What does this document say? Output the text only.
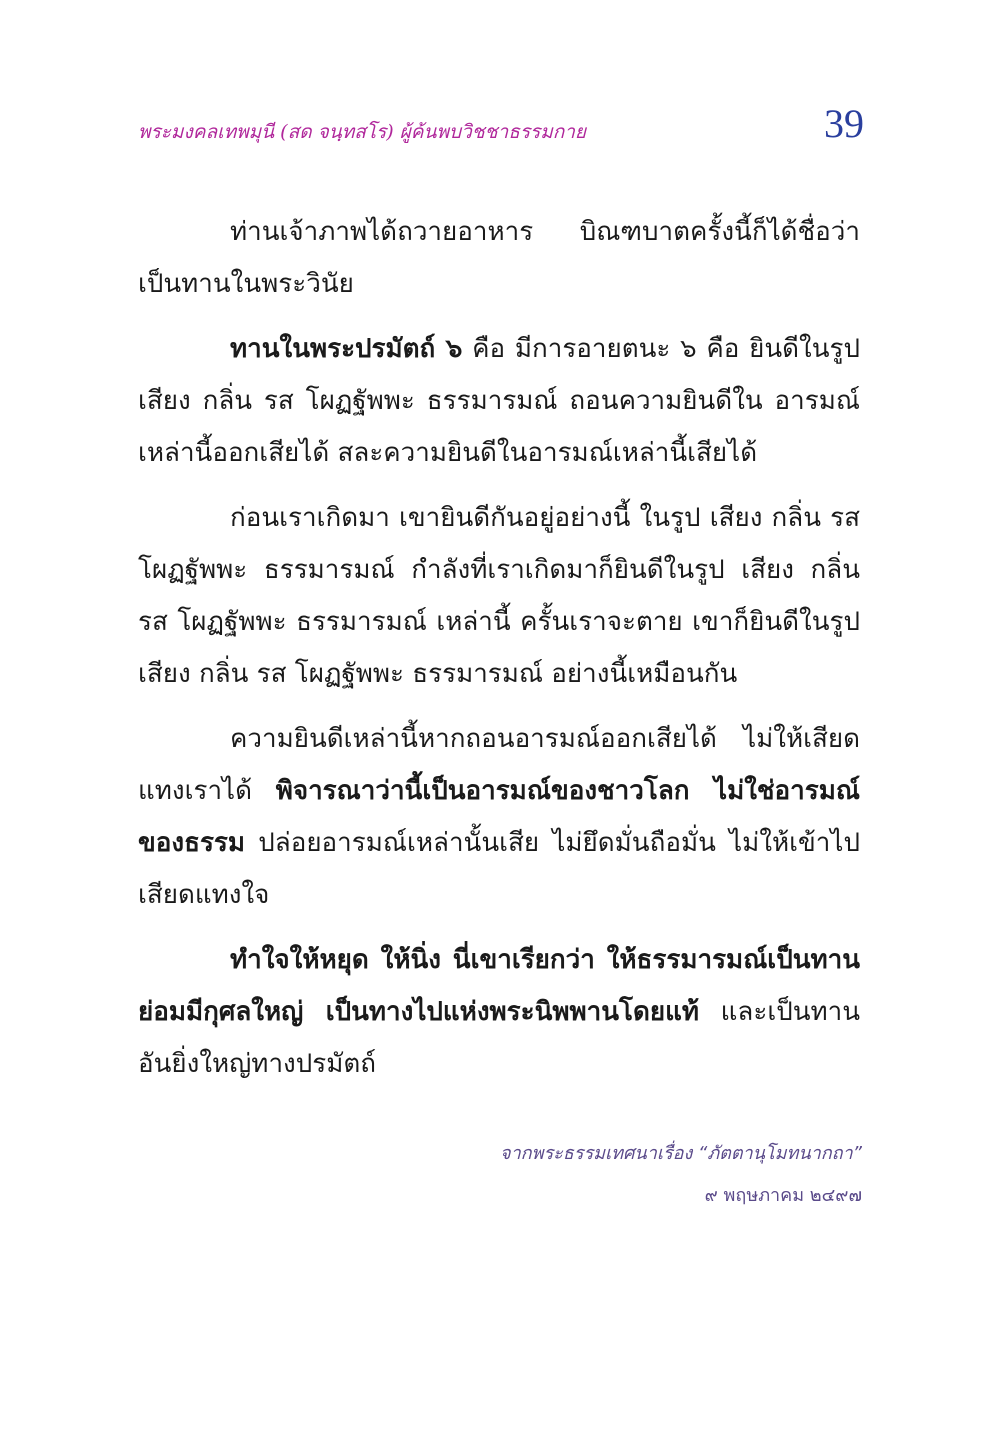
พระมงคลเทพมุนี (สด จนฺทสโร) ผู้ค้นพบวิชชาธรรมกาย	39

ท่านเจ้าภาพได้ถวายอาหาร บิณฑบาตครั้งนี้ก็ได้ชื่อว่า เป็นทานในพระวินัย

ทานในพระปรมัตถ์ ๖ คือ มีการอายตนะ ๖ คือ ยินดีในรูป เสียง กลิ่น รส โผฏฐัพพะ ธรรมารมณ์ ถอนความยินดีใน อารมณ์เหล่านี้ออกเสียได้ สละความยินดีในอารมณ์เหล่านี้เสียได้

ก่อนเราเกิดมา เขายินดีกันอยู่อย่างนี้ ในรูป เสียง กลิ่น รส โผฏฐัพพะ ธรรมารมณ์ กำลังที่เราเกิดมาก็ยินดีในรูป เสียง กลิ่น รส โผฏฐัพพะ ธรรมารมณ์ เหล่านี้ ครั้นเราจะตาย เขาก็ยินดีในรูป เสียง กลิ่น รส โผฏฐัพพะ ธรรมารมณ์ อย่างนี้เหมือนกัน

ความยินดีเหล่านี้หากถอนอารมณ์ออกเสียได้ ไม่ให้เสียดแทงเราได้ พิจารณาว่านี้เป็นอารมณ์ของชาวโลก ไม่ใช่อารมณ์ของธรรม ปล่อยอารมณ์เหล่านั้นเสีย ไม่ยึดมั่นถือมั่น ไม่ให้เข้าไปเสียดแทงใจ

ทำใจให้หยุด ให้นิ่ง นี่เขาเรียกว่า ให้ธรรมารมณ์เป็นทาน ย่อมมีกุศลใหญ่ เป็นทางไปแห่งพระนิพพานโดยแท้ และเป็นทานอันยิ่งใหญ่ทางปรมัตถ์

จากพระธรรมเทศนาเรื่อง “ภัตตานุโมทนากถา”
๙ พฤษภาคม ๒๔๙๗
